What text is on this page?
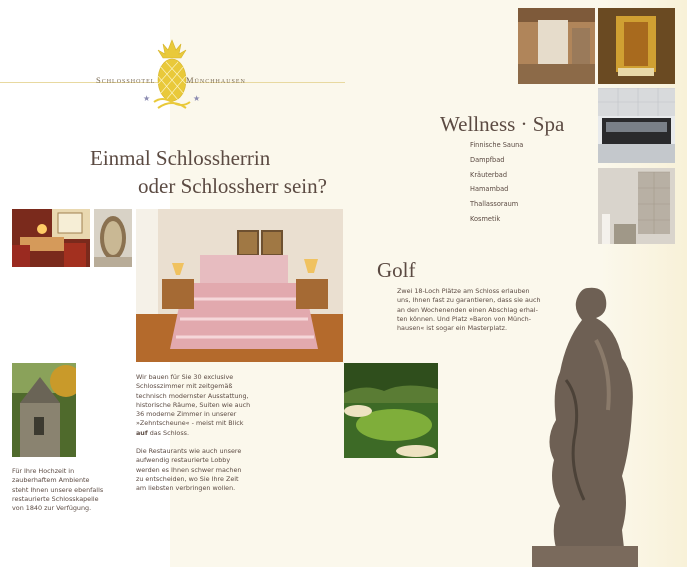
Schlosshotel	Münchhausen
★	★
Einmal Schlossherrin
oder Schlossherr sein?
Wellness · Spa
Finnische Sauna
Dampfbad
Kräuterbad
Hamambad
Thallassoraum
Kosmetik
Golf

Zwei 18-Loch Plätze am Schloss erlauben
uns, Ihnen fast zu garantieren, dass sie auch
an den Wochenenden einen Abschlag erhal-
ten können. Und Platz »Baron von Münch-
hausen« ist sogar ein Masterplatz.

Wir bauen für Sie 30 exclusive
Schlosszimmer mit zeitgemäß
technisch modernster Ausstattung,
historische Räume, Suiten wie auch
36 moderne Zimmer in unserer
»Zehntscheune« - meist mit Blick
auf das Schloss.

Die Restaurants wie auch unsere
aufwendig restaurierte Lobby
werden es Ihnen schwer machen
zu entscheiden, wo Sie Ihre Zeit
am liebsten verbringen wollen.

Für Ihre Hochzeit in
zauberhaftem Ambiente
steht Ihnen unsere ebenfalls
restaurierte Schlosskapelle
von 1840 zur Verfügung.
